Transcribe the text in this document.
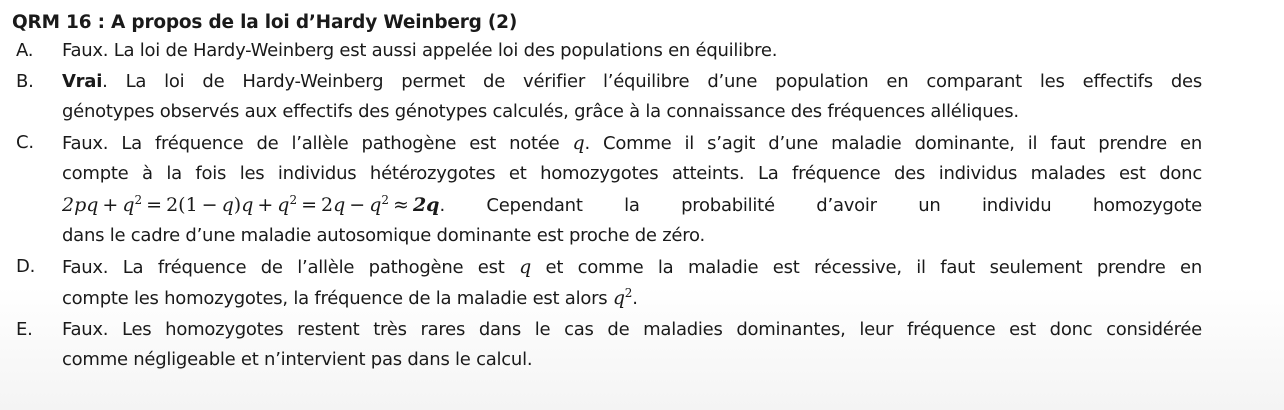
QRM 16 : A propos de la loi d’Hardy Weinberg (2)
A.	Faux. La loi de Hardy-Weinberg est aussi appelée loi des populations en équilibre.
B.	Vrai. La loi de Hardy-Weinberg permet de vérifier l’équilibre d’une population en comparant les effectifs des
génotypes observés aux effectifs des génotypes calculés, grâce à la connaissance des fréquences alléliques.
C.	Faux. La fréquence de l’allèle pathogène est notée q. Comme il s’agit d’une maladie dominante, il faut prendre en
compte à la fois les individus hétérozygotes et homozygotes atteints. La fréquence des individus malades est donc
$2pq + q^2 = 2(1 - q)q + q^2 = 2q - q^2 \approx 2q$. Cependant la probabilité d’avoir un individu homozygote
dans le cadre d’une maladie autosomique dominante est proche de zéro.
D.	Faux. La fréquence de l’allèle pathogène est q et comme la maladie est récessive, il faut seulement prendre en
compte les homozygotes, la fréquence de la maladie est alors $q^2$.
E.	Faux. Les homozygotes restent très rares dans le cas de maladies dominantes, leur fréquence est donc considérée
comme négligeable et n’intervient pas dans le calcul.
